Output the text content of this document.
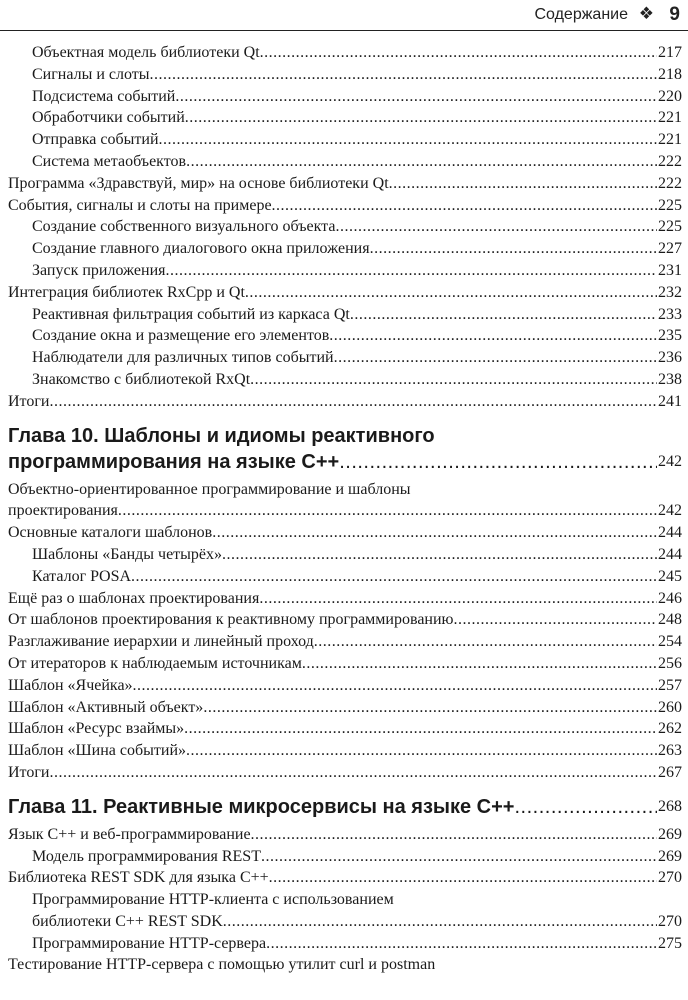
Содержание ❖ 9
Объектная модель библиотеки Qt .....	217
Сигналы и слоты .....	218
Подсистема событий .....	220
Обработчики событий .....	221
Отправка событий .....	221
Система метаобъектов .....	222
Программа «Здравствуй, мир» на основе библиотеки Qt .....	222
События, сигналы и слоты на примере .....	225
Создание собственного визуального объекта .....	225
Создание главного диалогового окна приложения .....	227
Запуск приложения .....	231
Интеграция библиотек RxCpp и Qt .....	232
Реактивная фильтрация событий из каркаса Qt .....	233
Создание окна и размещение его элементов .....	235
Наблюдатели для различных типов событий .....	236
Знакомство с библиотекой RxQt .....	238
Итоги .....	241
Глава 10. Шаблоны и идиомы реактивного
программирования на языке C++ .....	242
Объектно-ориентированное программирование и шаблоны
проектирования .....	242
Основные каталоги шаблонов .....	244
Шаблоны «Банды четырёх» .....	244
Каталог POSA .....	245
Ещё раз о шаблонах проектирования .....	246
От шаблонов проектирования к реактивному программированию .....	248
Разглаживание иерархии и линейный проход .....	254
От итераторов к наблюдаемым источникам .....	256
Шаблон «Ячейка» .....	257
Шаблон «Активный объект» .....	260
Шаблон «Ресурс взаймы» .....	262
Шаблон «Шина событий» .....	263
Итоги .....	267
Глава 11. Реактивные микросервисы на языке C++ .....	268
Язык C++ и веб-программирование .....	269
Модель программирования REST .....	269
Библиотека REST SDK для языка C++ .....	270
Программирование HTTP-клиента с использованием
библиотеки C++ REST SDK .....	270
Программирование HTTP-сервера .....	275
Тестирование HTTP-сервера с помощью утилит curl и postman
